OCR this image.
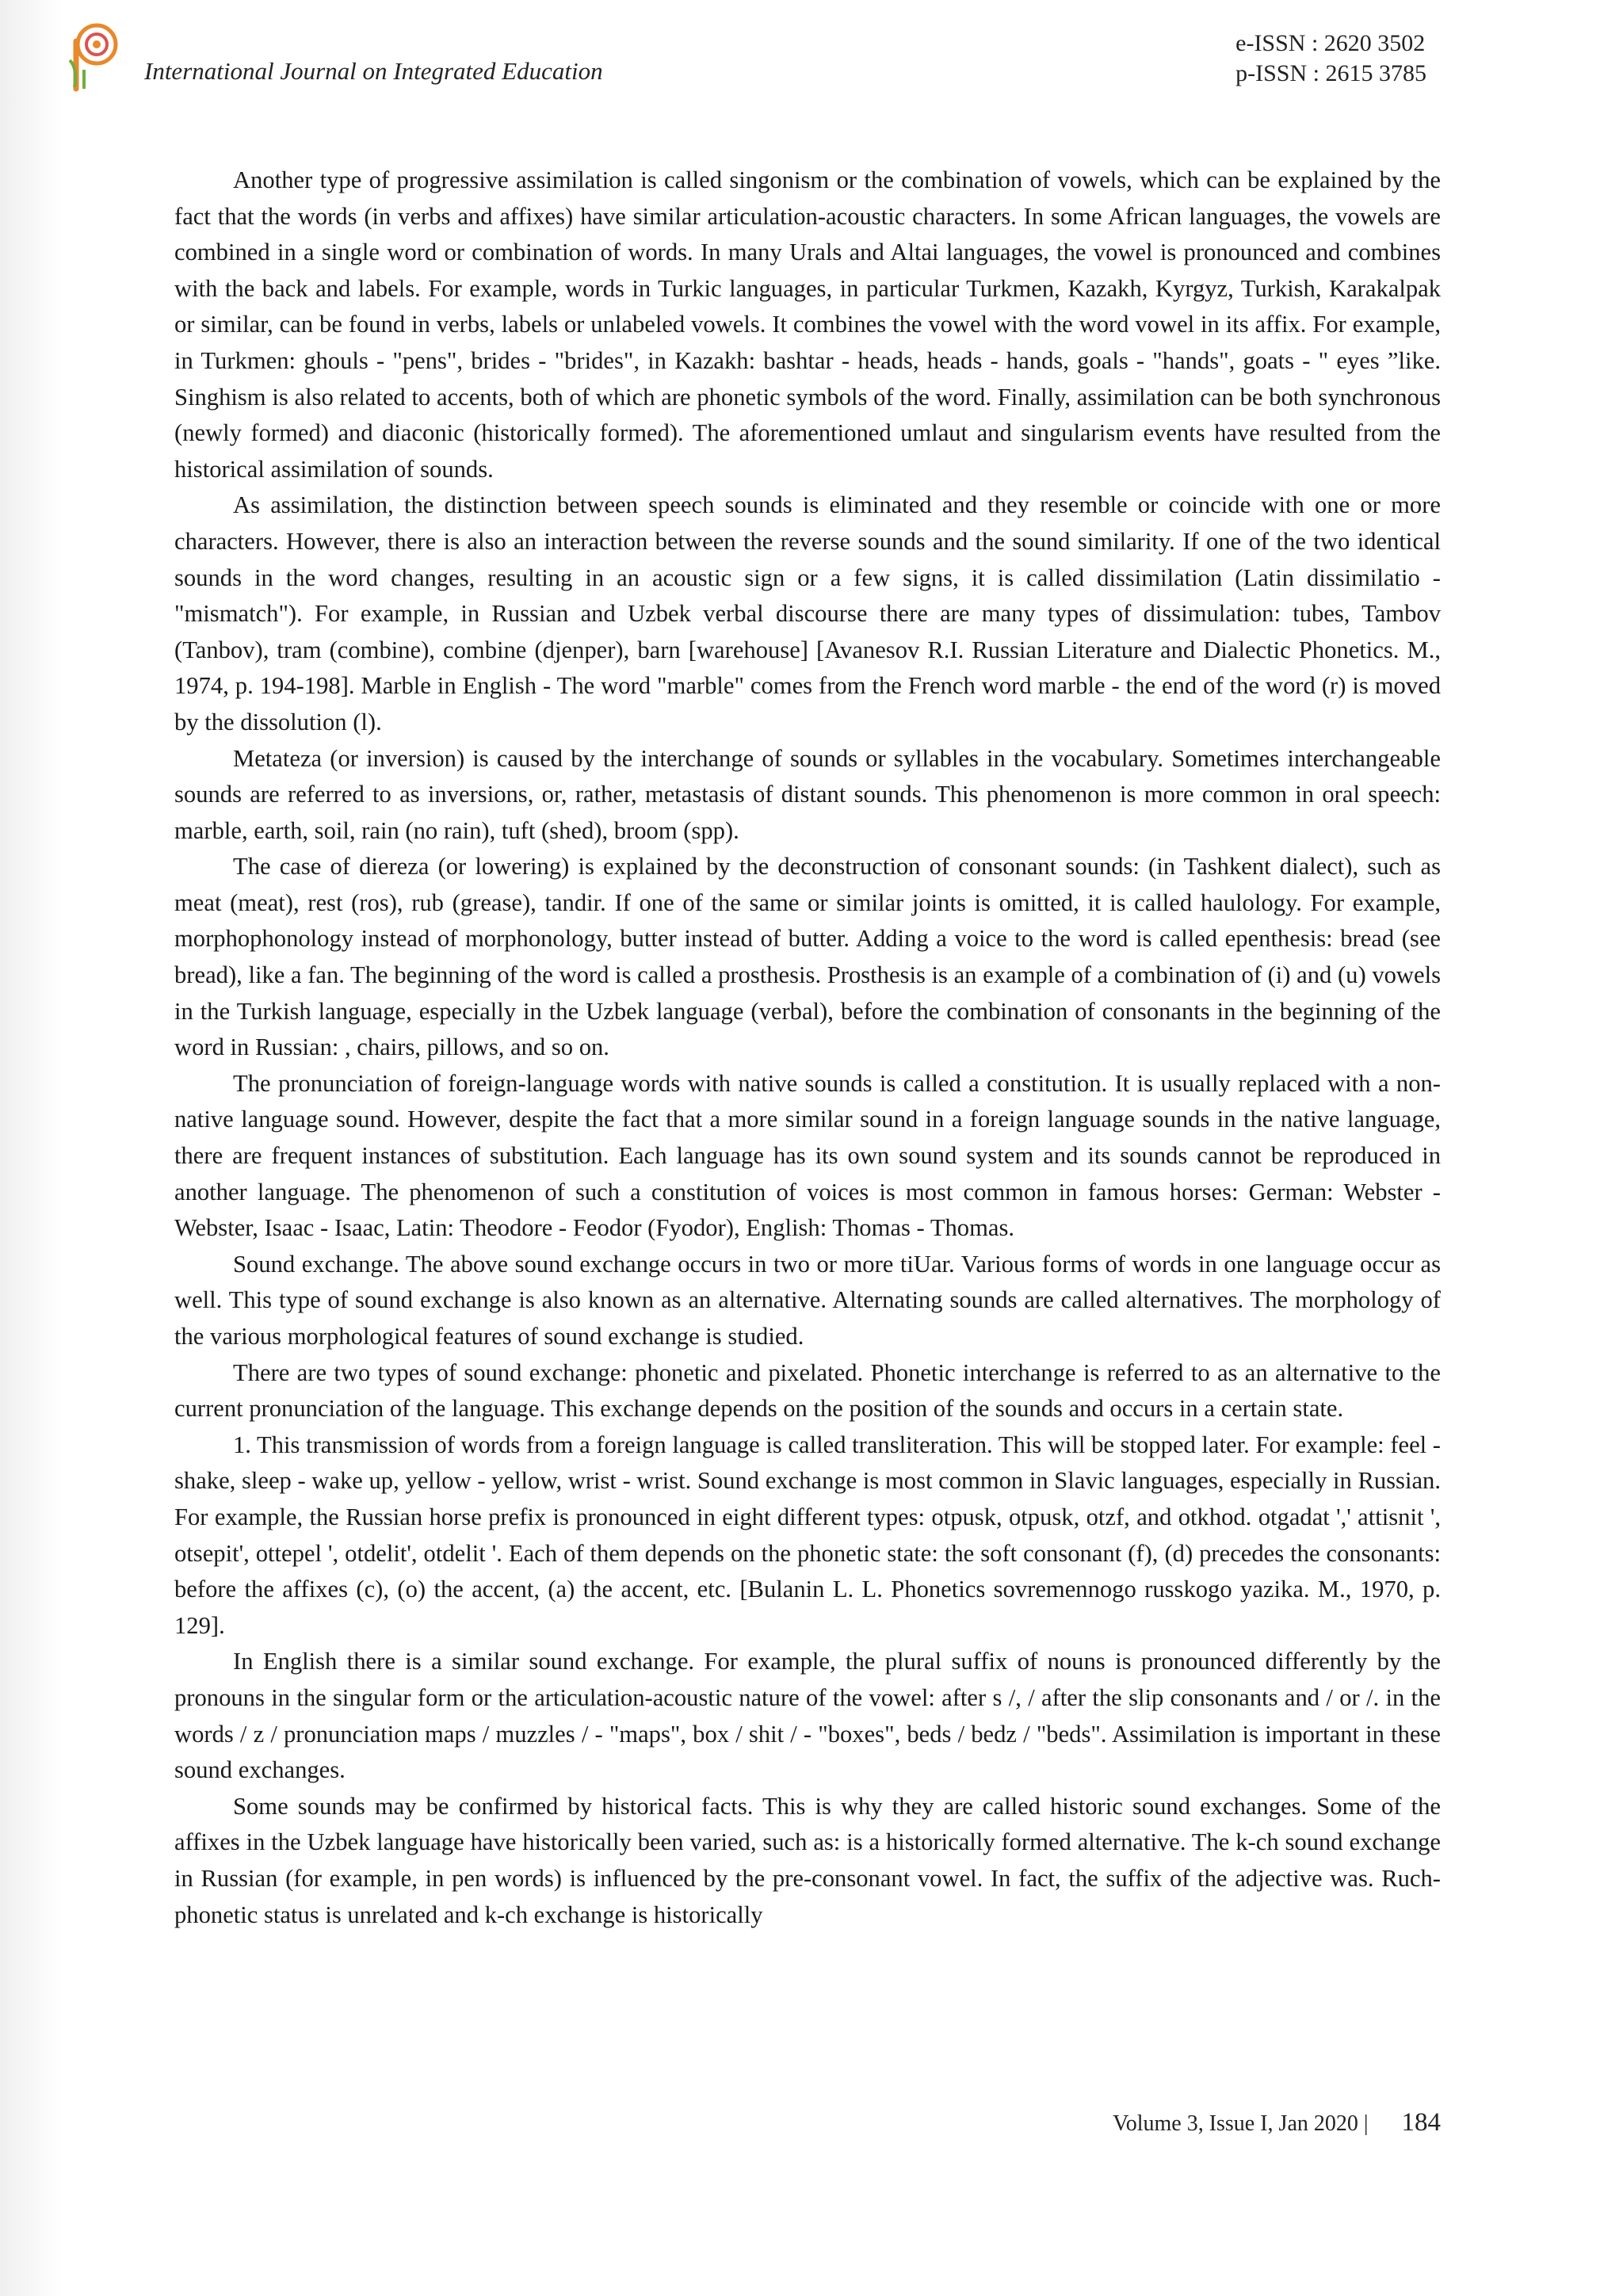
International Journal on Integrated Education
e-ISSN : 2620 3502
p-ISSN : 2615 3785

Another type of progressive assimilation is called singonism or the combination of vowels, which can be explained by the fact that the words (in verbs and affixes) have similar articulation-acoustic characters. In some African languages, the vowels are combined in a single word or combination of words. In many Urals and Altai languages, the vowel is pronounced and combines with the back and labels. For example, words in Turkic languages, in particular Turkmen, Kazakh, Kyrgyz, Turkish, Karakalpak or similar, can be found in verbs, labels or unlabeled vowels. It combines the vowel with the word vowel in its affix. For example, in Turkmen: ghouls - "pens", brides - "brides", in Kazakh: bashtar - heads, heads - hands, goals - "hands", goats - " eyes ”like. Singhism is also related to accents, both of which are phonetic symbols of the word. Finally, assimilation can be both synchronous (newly formed) and diaconic (historically formed). The aforementioned umlaut and singularism events have resulted from the historical assimilation of sounds.

As assimilation, the distinction between speech sounds is eliminated and they resemble or coincide with one or more characters. However, there is also an interaction between the reverse sounds and the sound similarity. If one of the two identical sounds in the word changes, resulting in an acoustic sign or a few signs, it is called dissimilation (Latin dissimilatio - "mismatch"). For example, in Russian and Uzbek verbal discourse there are many types of dissimulation: tubes, Tambov (Tanbov), tram (combine), combine (djenper), barn [warehouse] [Avanesov R.I. Russian Literature and Dialectic Phonetics. M., 1974, p. 194-198]. Marble in English - The word "marble" comes from the French word marble - the end of the word (r) is moved by the dissolution (l).

Metateza (or inversion) is caused by the interchange of sounds or syllables in the vocabulary. Sometimes interchangeable sounds are referred to as inversions, or, rather, metastasis of distant sounds. This phenomenon is more common in oral speech: marble, earth, soil, rain (no rain), tuft (shed), broom (spp).

The case of diereza (or lowering) is explained by the deconstruction of consonant sounds: (in Tashkent dialect), such as meat (meat), rest (ros), rub (grease), tandir. If one of the same or similar joints is omitted, it is called haulology. For example, morphophonology instead of morphonology, butter instead of butter. Adding a voice to the word is called epenthesis: bread (see bread), like a fan. The beginning of the word is called a prosthesis. Prosthesis is an example of a combination of (i) and (u) vowels in the Turkish language, especially in the Uzbek language (verbal), before the combination of consonants in the beginning of the word in Russian: , chairs, pillows, and so on.

The pronunciation of foreign-language words with native sounds is called a constitution. It is usually replaced with a non-native language sound. However, despite the fact that a more similar sound in a foreign language sounds in the native language, there are frequent instances of substitution. Each language has its own sound system and its sounds cannot be reproduced in another language. The phenomenon of such a constitution of voices is most common in famous horses: German: Webster - Webster, Isaac - Isaac, Latin: Theodore - Feodor (Fyodor), English: Thomas - Thomas.

Sound exchange. The above sound exchange occurs in two or more tiUar. Various forms of words in one language occur as well. This type of sound exchange is also known as an alternative. Alternating sounds are called alternatives. The morphology of the various morphological features of sound exchange is studied.

There are two types of sound exchange: phonetic and pixelated. Phonetic interchange is referred to as an alternative to the current pronunciation of the language. This exchange depends on the position of the sounds and occurs in a certain state.

1. This transmission of words from a foreign language is called transliteration. This will be stopped later. For example: feel - shake, sleep - wake up, yellow - yellow, wrist - wrist. Sound exchange is most common in Slavic languages, especially in Russian. For example, the Russian horse prefix is pronounced in eight different types: otpusk, otpusk, otzf, and otkhod. otgadat ',' attisnit ', otsepit', ottepel ', otdelit', otdelit '. Each of them depends on the phonetic state: the soft consonant (f), (d) precedes the consonants: before the affixes (c), (o) the accent, (a) the accent, etc. [Bulanin L. L. Phonetics sovremennogo russkogo yazika. M., 1970, p. 129].

In English there is a similar sound exchange. For example, the plural suffix of nouns is pronounced differently by the pronouns in the singular form or the articulation-acoustic nature of the vowel: after s /, / after the slip consonants and / or /. in the words / z / pronunciation maps / muzzles / - "maps", box / shit / - "boxes", beds / bedz / "beds". Assimilation is important in these sound exchanges.

Some sounds may be confirmed by historical facts. This is why they are called historic sound exchanges. Some of the affixes in the Uzbek language have historically been varied, such as: is a historically formed alternative. The k-ch sound exchange in Russian (for example, in pen words) is influenced by the pre-consonant vowel. In fact, the suffix of the adjective was. Ruch-phonetic status is unrelated and k-ch exchange is historically

Volume 3, Issue I, Jan 2020 | 184
